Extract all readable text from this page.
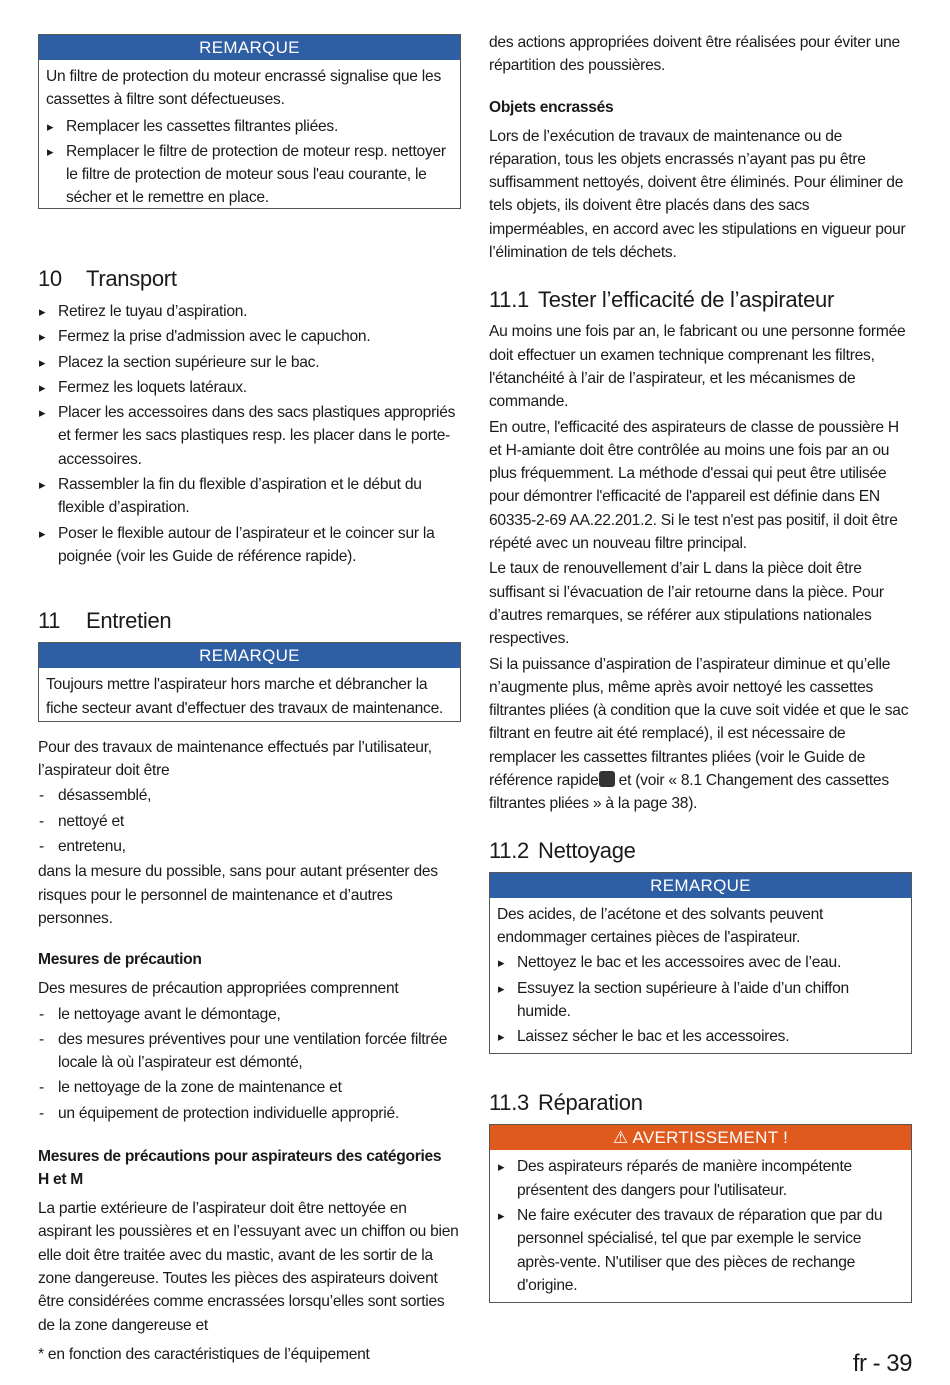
REMARQUE

Un filtre de protection du moteur encrassé signalise que les cassettes à filtre sont défectueuses.

▸ Remplacer les cassettes filtrantes pliées.
▸ Remplacer le filtre de protection de moteur resp. nettoyer le filtre de protection de moteur sous l'eau courante, le sécher et le remettre en place.
10 Transport
▸ Retirez le tuyau d’aspiration.
▸ Fermez la prise d'admission avec le capuchon.
▸ Placez la section supérieure sur le bac.
▸ Fermez les loquets latéraux.
▸ Placer les accessoires dans des sacs plastiques appropriés et fermer les sacs plastiques resp. les placer dans le porte-accessoires.
▸ Rassembler la fin du flexible d’aspiration et le début du flexible d’aspiration.
▸ Poser le flexible autour de l’aspirateur et le coincer sur la poignée (voir les Guide de référence rapide).
11 Entretien
REMARQUE

Toujours mettre l'aspirateur hors marche et débrancher la fiche secteur avant d'effectuer des travaux de maintenance.

Pour des travaux de maintenance effectués par l’utilisateur, l’aspirateur doit être

- désassemblé,
- nettoyé et
- entretenu,

dans la mesure du possible, sans pour autant présenter des risques pour le personnel de maintenance et d’autres personnes.

Mesures de précaution

Des mesures de précaution appropriées comprennent

- le nettoyage avant le démontage,
- des mesures préventives pour une ventilation forcée filtrée locale là où l’aspirateur est démonté,
- le nettoyage de la zone de maintenance et
- un équipement de protection individuelle approprié.
Mesures de précautions pour aspirateurs des catégories H et M

La partie extérieure de l’aspirateur doit être nettoyée en aspirant les poussières et en l’essuyant avec un chiffon ou bien elle doit être traitée avec du mastic, avant de les sortir de la zone dangereuse. Toutes les pièces des aspirateurs doivent être considérées comme encrassées lorsqu’elles sont sorties de la zone dangereuse et

des actions appropriées doivent être réalisées pour éviter une répartition des poussières.

Objets encrassés

Lors de l’exécution de travaux de maintenance ou de réparation, tous les objets encrassés n’ayant pas pu être suffisamment nettoyés, doivent être éliminés. Pour éliminer de tels objets, ils doivent être placés dans des sacs imperméables, en accord avec les stipulations en vigueur pour l’élimination de tels déchets.

11.1 Tester l’efficacité de l’aspirateur

Au moins une fois par an, le fabricant ou une personne formée doit effectuer un examen technique comprenant les filtres, l'étanchéité à l’air de l’aspirateur, et les mécanismes de commande.

En outre, l'efficacité des aspirateurs de classe de poussière H et H-amiante doit être contrôlée au moins une fois par an ou plus fréquemment. La méthode d'essai qui peut être utilisée pour démontrer l'efficacité de l'appareil est définie dans EN 60335-2-69 AA.22.201.2. Si le test n'est pas positif, il doit être répété avec un nouveau filtre principal.

Le taux de renouvellement d’air L dans la pièce doit être suffisant si l’évacuation de l’air retourne dans la pièce. Pour d’autres remarques, se référer aux stipulations nationales respectives.

Si la puissance d’aspiration de l’aspirateur diminue et qu’elle n’augmente plus, même après avoir nettoyé les cassettes filtrantes pliées (à condition que la cuve soit vidée et que le sac filtrant en feutre ait été remplacé), il est nécessaire de remplacer les cassettes filtrantes pliées (voir le Guide de référence rapide et (voir « 8.1 Changement des cassettes filtrantes pliées » à la page 38).

11.2 Nettoyage
REMARQUE

Des acides, de l’acétone et des solvants peuvent endommager certaines pièces de l'aspirateur.

▸ Nettoyez le bac et les accessoires avec de l’eau.
▸ Essuyez la section supérieure à l’aide d’un chiffon humide.
▸ Laissez sécher le bac et les accessoires.
11.3 Réparation
⚠ AVERTISSEMENT !
▸ Des aspirateurs réparés de manière incompétente présentent des dangers pour l'utilisateur.
▸ Ne faire exécuter des travaux de réparation que par du personnel spécialisé, tel que par exemple le service après-vente. N'utiliser que des pièces de rechange d'origine.
* en fonction des caractéristiques de l’équipement	fr - 39
